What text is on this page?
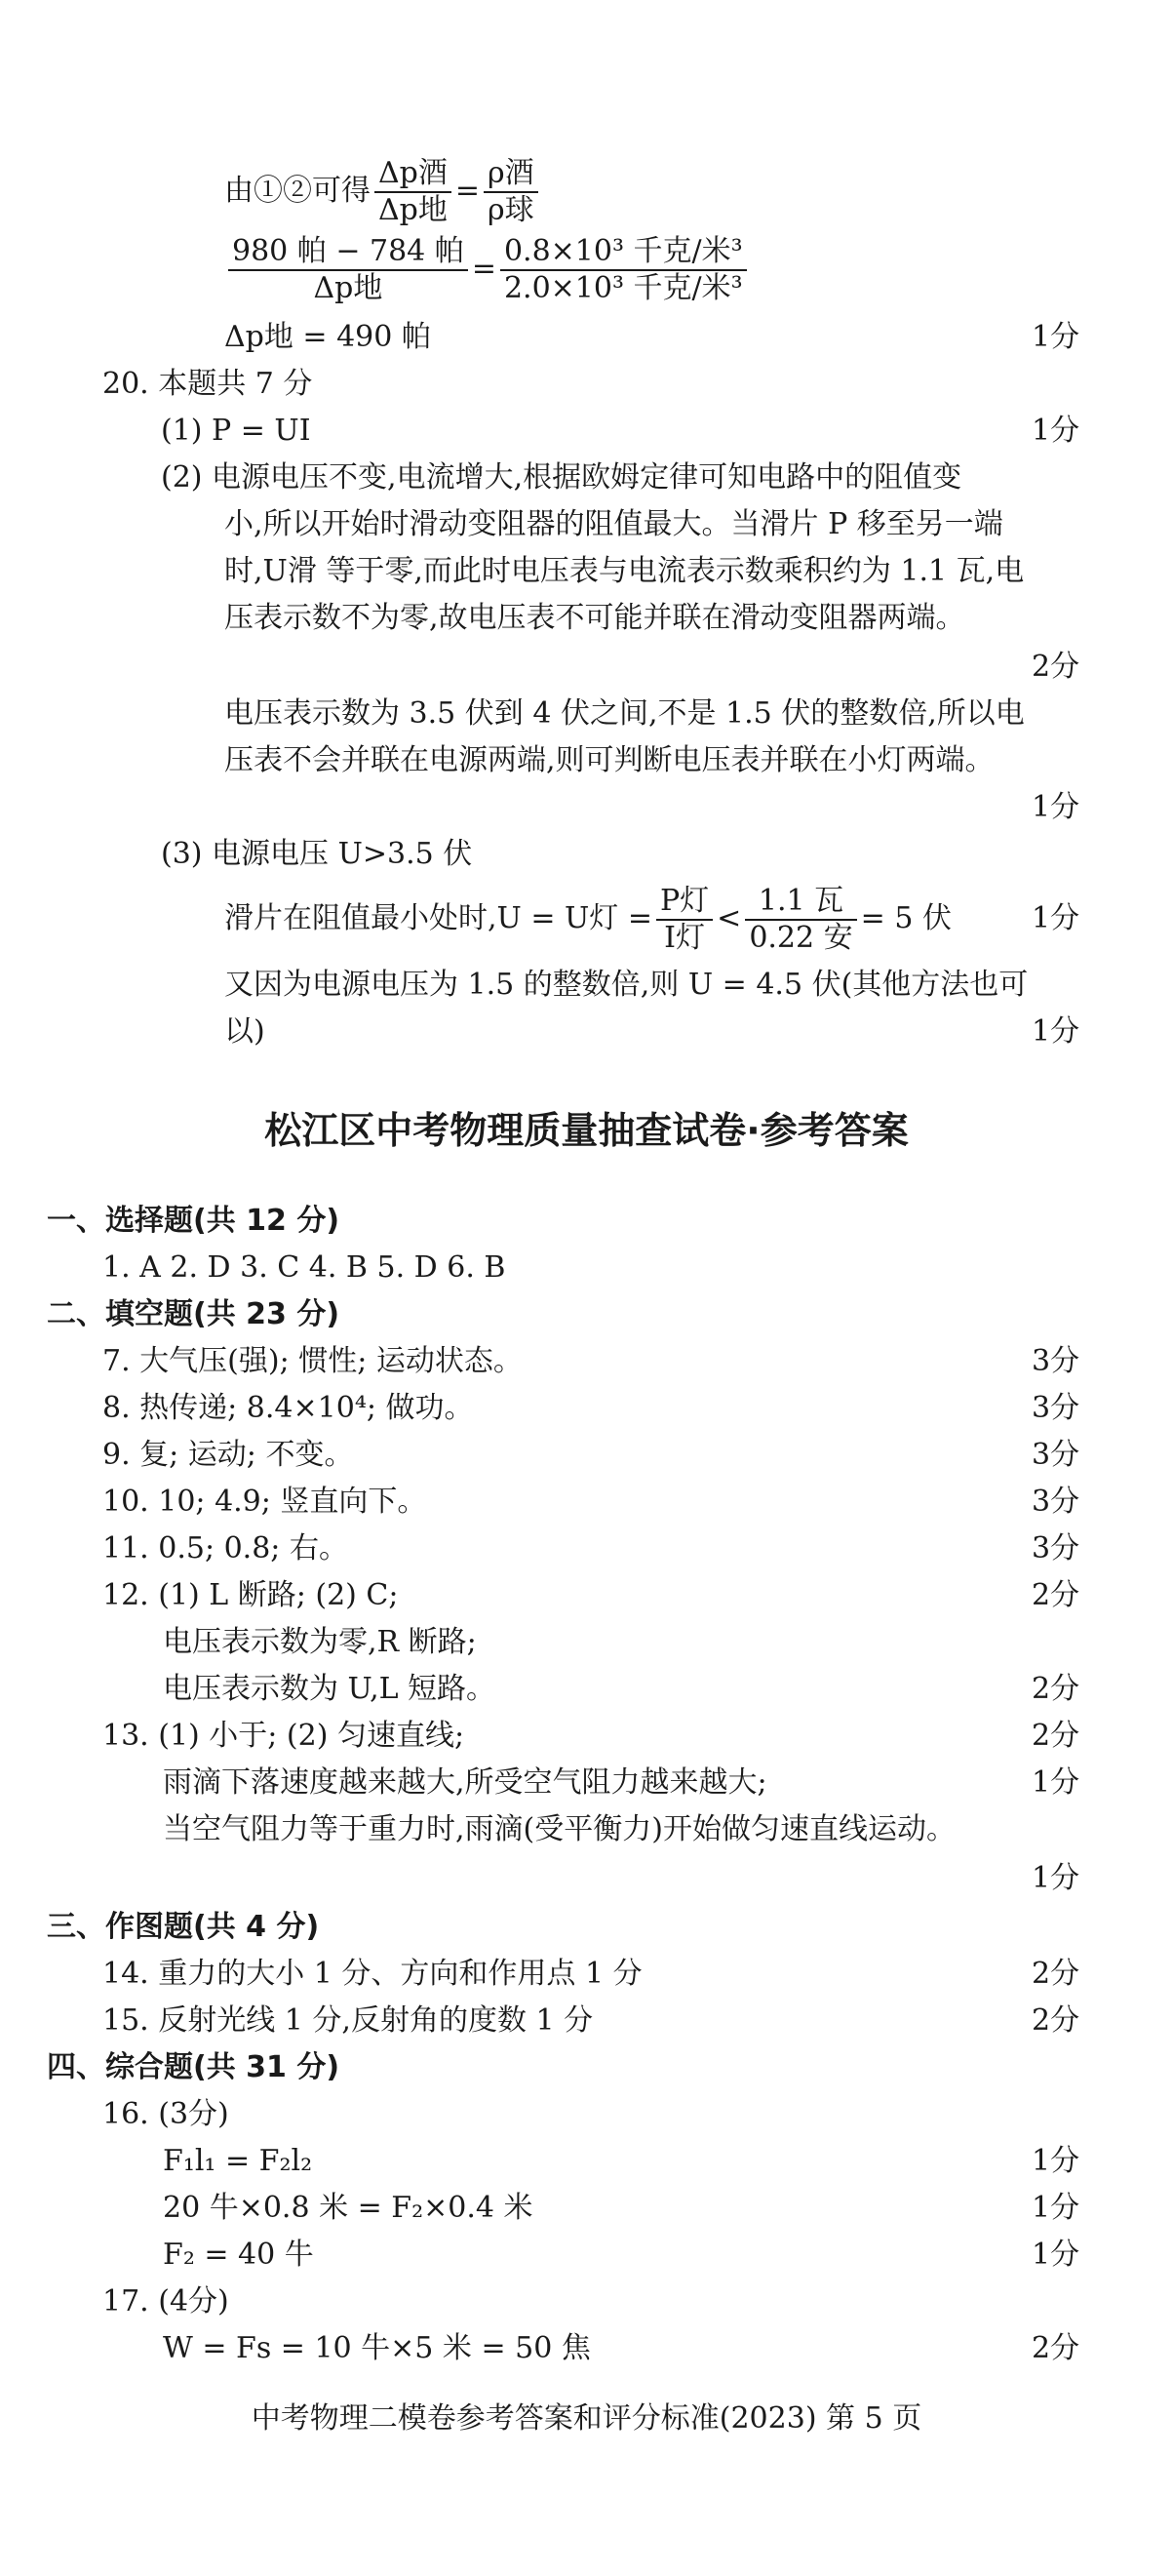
由①②可得 $\frac{\text{Δp酒}}{\text{Δp地}} = \frac{\text{ρ酒}}{\text{ρ球}}$
$\frac{\text{980 帕 − 784 帕}}{\text{Δp地}} = \frac{\text{0.8×10³ 千克/米³}}{\text{2.0×10³ 千克/米³}}$
Δp地 = 490 帕	1分
20. 本题共 7 分
(1) P = UI	1分
(2) 电源电压不变,电流增大,根据欧姆定律可知电路中的阻值变
小,所以开始时滑动变阻器的阻值最大。当滑片 P 移至另一端
时,U滑 等于零,而此时电压表与电流表示数乘积约为 1.1 瓦,电
压表示数不为零,故电压表不可能并联在滑动变阻器两端。
2分
电压表示数为 3.5 伏到 4 伏之间,不是 1.5 伏的整数倍,所以电
压表不会并联在电源两端,则可判断电压表并联在小灯两端。
1分
(3) 电源电压 U>3.5 伏
滑片在阻值最小处时,U = U灯 = $\frac{\text{P灯}}{\text{I灯}} < \frac{\text{1.1 瓦}}{\text{0.22 安}} = 5$ 伏	1分
又因为电源电压为 1.5 的整数倍,则 U = 4.5 伏(其他方法也可
以)	1分
松江区中考物理质量抽查试卷·参考答案
一、选择题(共 12 分)
1. A 2. D 3. C 4. B 5. D 6. B
二、填空题(共 23 分)
7. 大气压(强); 惯性; 运动状态。	3分
8. 热传递; 8.4×10⁴; 做功。	3分
9. 复; 运动; 不变。	3分
10. 10; 4.9; 竖直向下。	3分
11. 0.5; 0.8; 右。	3分
12. (1) L 断路; (2) C;	2分
电压表示数为零,R 断路;
电压表示数为 U,L 短路。	2分
13. (1) 小于; (2) 匀速直线;	2分
雨滴下落速度越来越大,所受空气阻力越来越大;	1分
当空气阻力等于重力时,雨滴(受平衡力)开始做匀速直线运动。
1分
三、作图题(共 4 分)
14. 重力的大小 1 分、方向和作用点 1 分	2分
15. 反射光线 1 分,反射角的度数 1 分	2分
四、综合题(共 31 分)
16. (3分)
F₁l₁ = F₂l₂	1分
20 牛×0.8 米 = F₂×0.4 米	1分
F₂ = 40 牛	1分
17. (4分)
W = Fs = 10 牛×5 米 = 50 焦	2分
中考物理二模卷参考答案和评分标准(2023) 第 5 页
